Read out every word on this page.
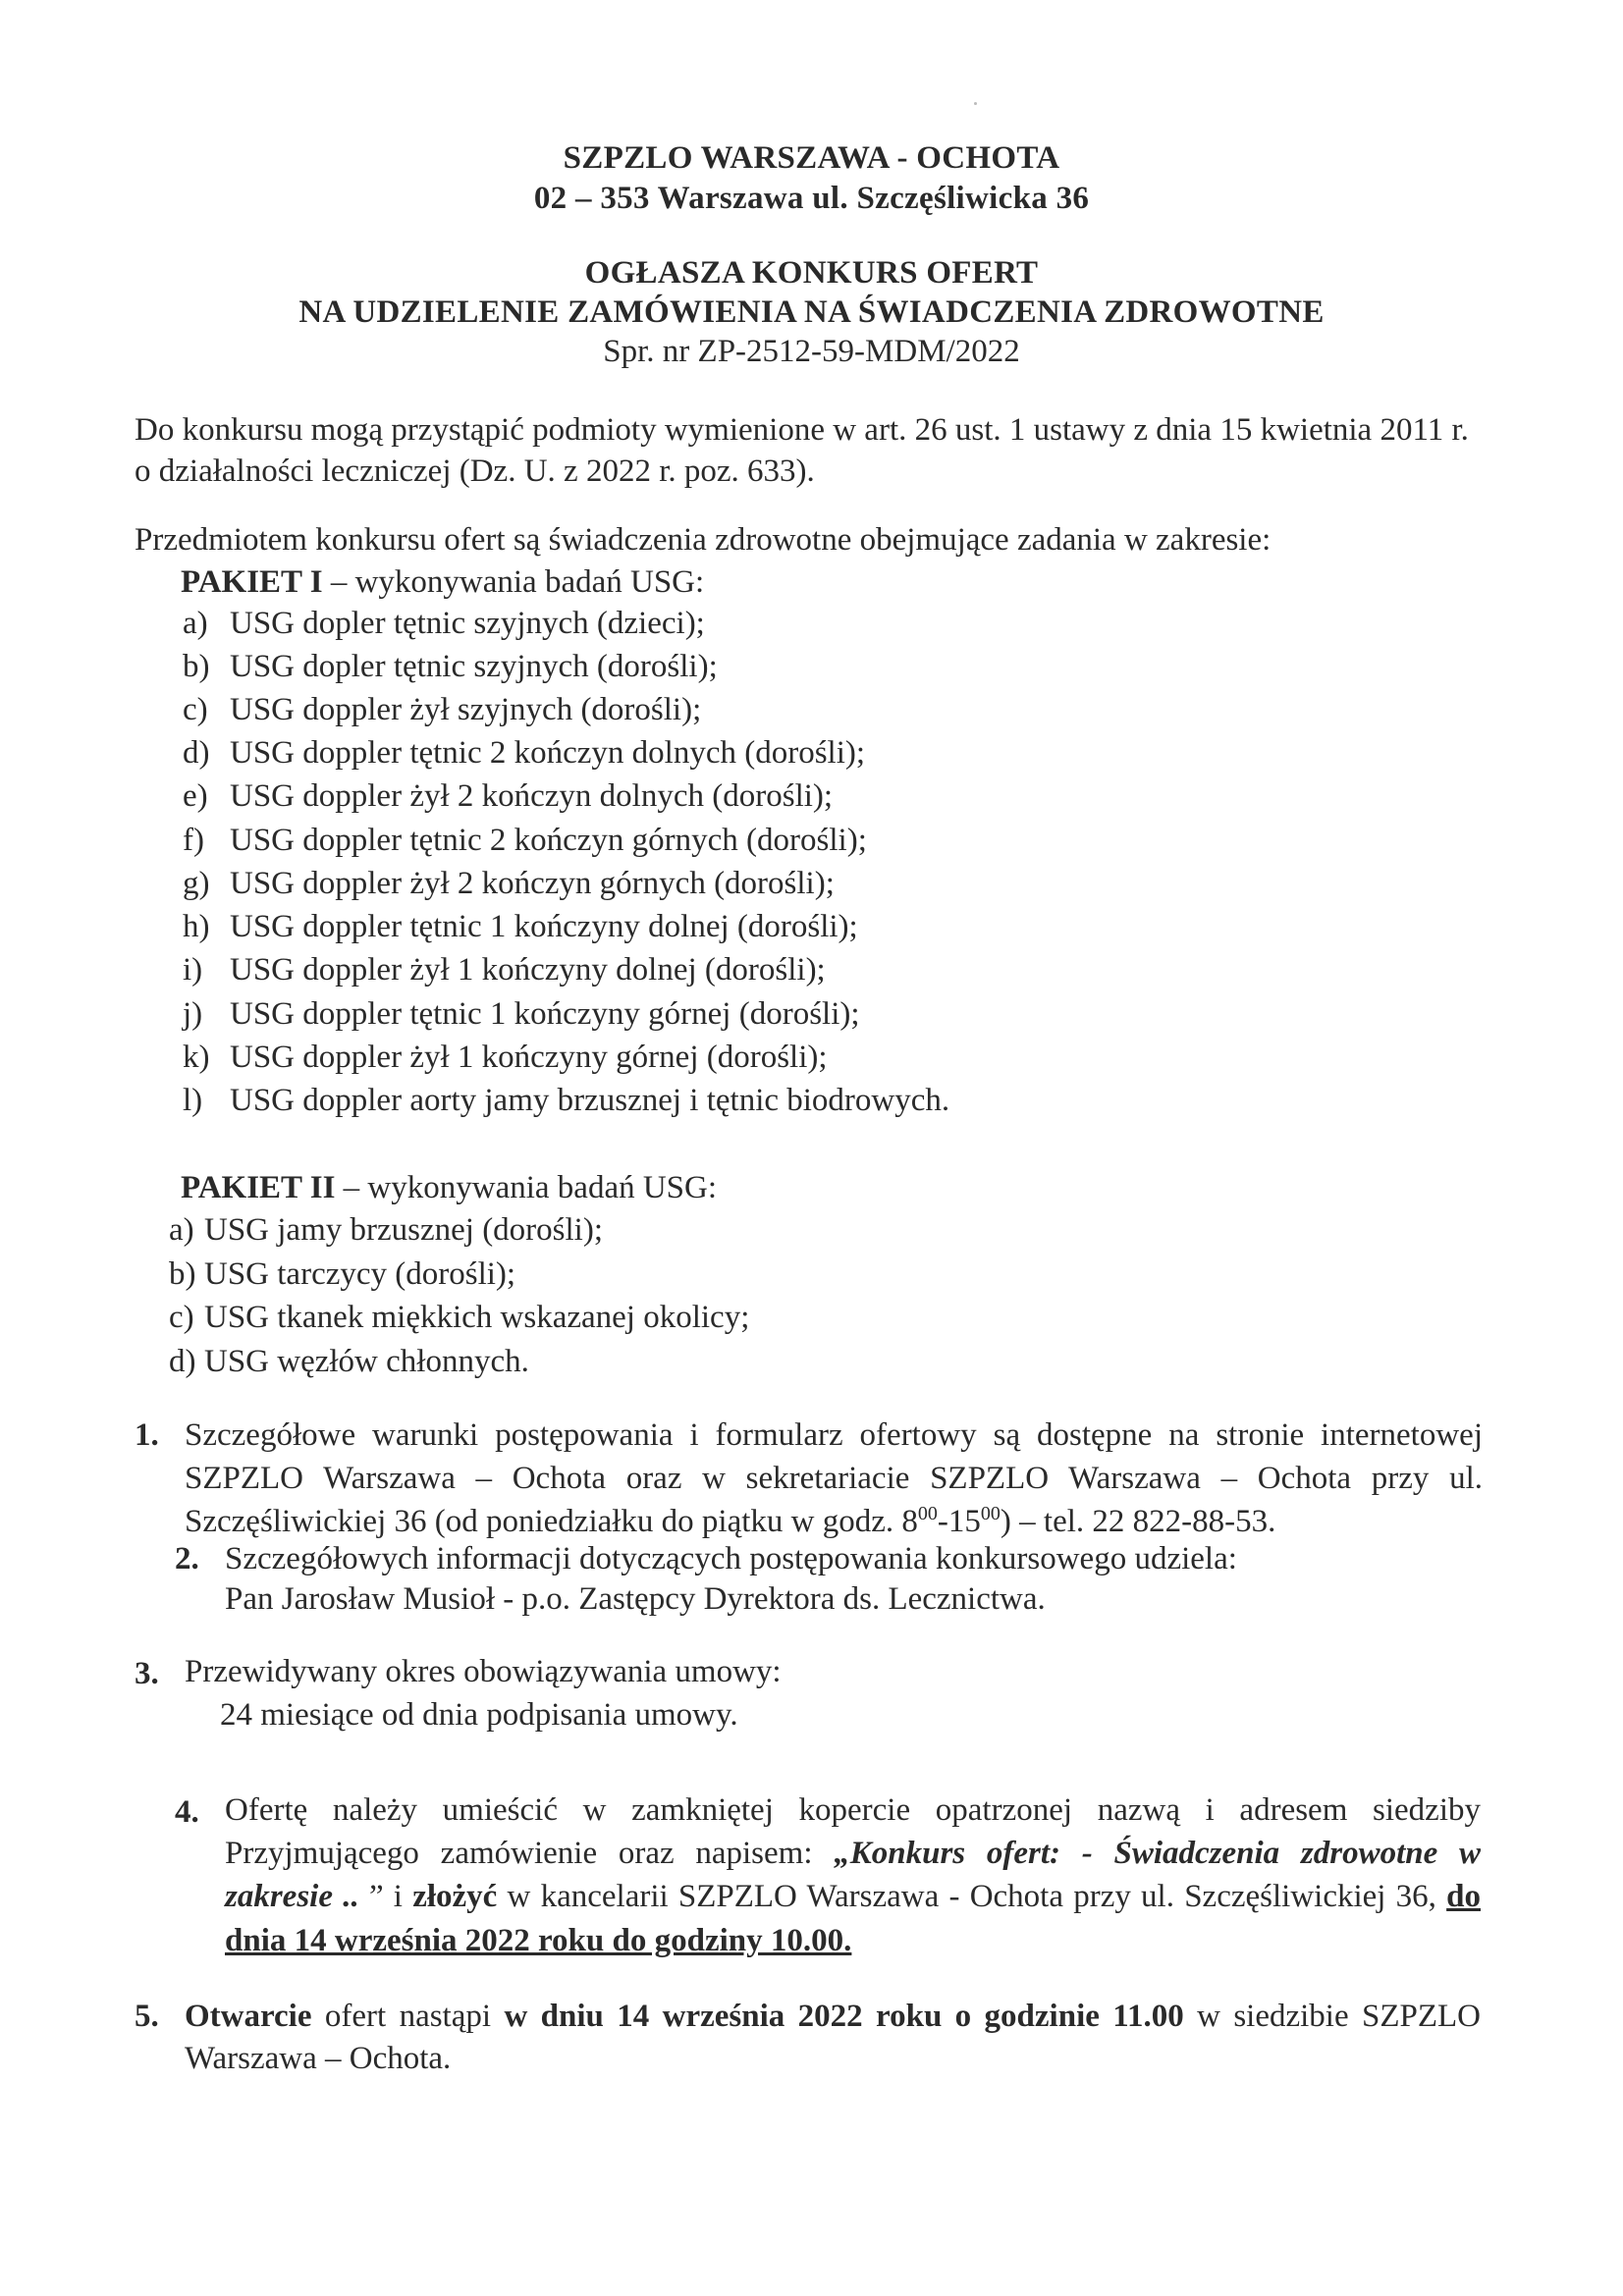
SZPZLO WARSZAWA - OCHOTA
02 – 353 Warszawa ul. Szczęśliwicka 36
OGŁASZA KONKURS OFERT
NA UDZIELENIE ZAMÓWIENIA NA ŚWIADCZENIA ZDROWOTNE
Spr. nr ZP-2512-59-MDM/2022
Do konkursu mogą przystąpić podmioty wymienione w art. 26 ust. 1 ustawy z dnia 15 kwietnia 2011 r.
o działalności leczniczej (Dz. U. z 2022 r. poz. 633).
Przedmiotem konkursu ofert są świadczenia zdrowotne obejmujące zadania w zakresie:
PAKIET I – wykonywania badań USG:
a) USG dopler tętnic szyjnych (dzieci);
b) USG dopler tętnic szyjnych (dorośli);
c) USG doppler żył szyjnych (dorośli);
d) USG doppler tętnic 2 kończyn dolnych (dorośli);
e) USG doppler żył 2 kończyn dolnych (dorośli);
f) USG doppler tętnic 2 kończyn górnych (dorośli);
g) USG doppler żył 2 kończyn górnych (dorośli);
h) USG doppler tętnic 1 kończyny dolnej (dorośli);
i) USG doppler żył 1 kończyny dolnej (dorośli);
j) USG doppler tętnic 1 kończyny górnej (dorośli);
k) USG doppler żył 1 kończyny górnej (dorośli);
l) USG doppler aorty jamy brzusznej i tętnic biodrowych.
PAKIET II – wykonywania badań USG:
a) USG jamy brzusznej (dorośli);
b) USG tarczycy (dorośli);
c) USG tkanek miękkich wskazanej okolicy;
d) USG węzłów chłonnych.
1. Szczegółowe warunki postępowania i formularz ofertowy są dostępne na stronie internetowej
SZPZLO Warszawa – Ochota oraz w sekretariacie SZPZLO Warszawa – Ochota przy ul.
Szczęśliwickiej 36 (od poniedziałku do piątku w godz. $8^{00}-15^{00}$) – tel. 22 822-88-53.
2. Szczegółowych informacji dotyczących postępowania konkursowego udziela:
Pan Jarosław Musioł - p.o. Zastępcy Dyrektora ds. Lecznictwa.
3. Przewidywany okres obowiązywania umowy:
24 miesiące od dnia podpisania umowy.
4. Ofertę należy umieścić w zamkniętej kopercie opatrzonej nazwą i adresem siedziby
Przyjmującego zamówienie oraz napisem: „Konkurs ofert: - Świadczenia zdrowotne w
zakresie .. ” i złożyć w kancelarii SZPZLO Warszawa - Ochota przy ul. Szczęśliwickiej 36, do
dnia 14 września 2022 roku do godziny 10.00.
5. Otwarcie ofert nastąpi w dniu 14 września 2022 roku o godzinie 11.00 w siedzibie SZPZLO
Warszawa – Ochota.
